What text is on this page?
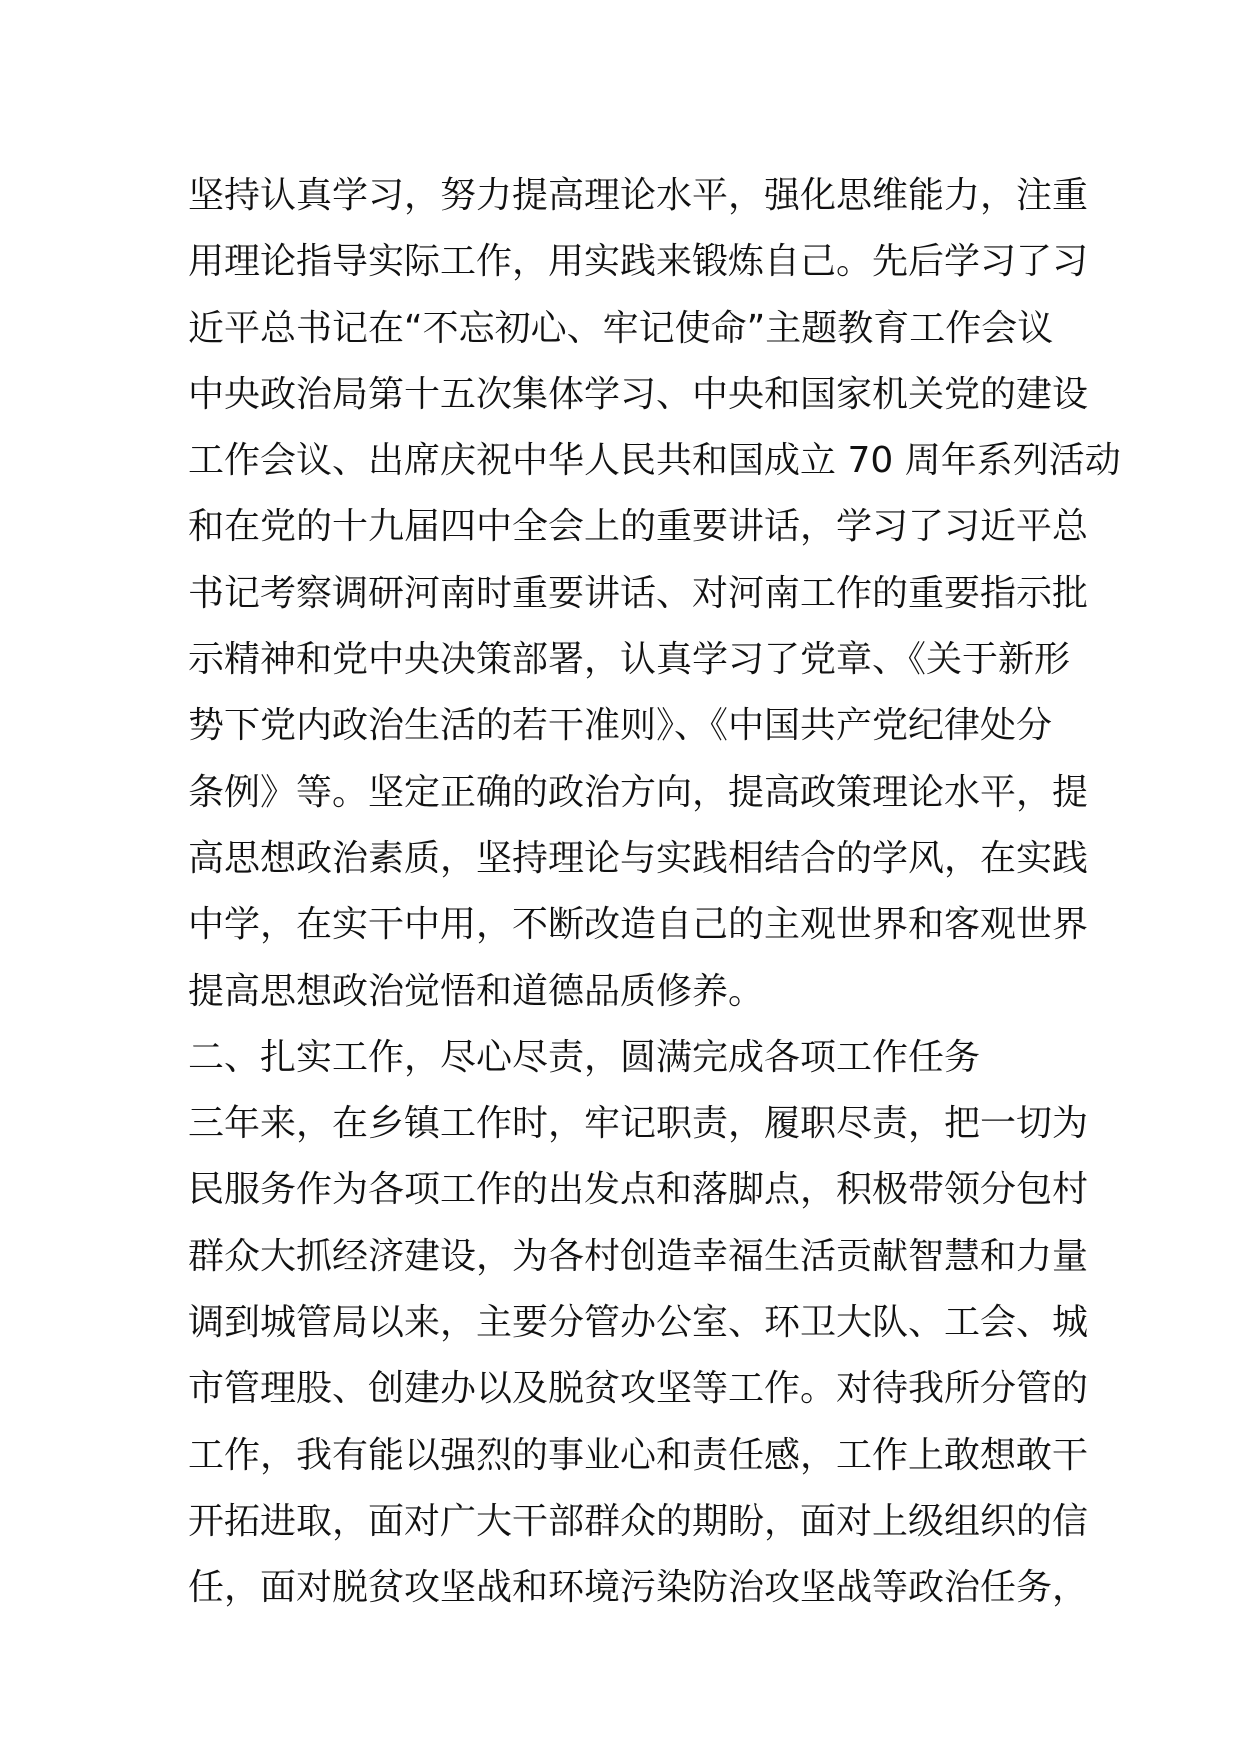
坚持认真学习，努力提高理论水平，强化思维能力，注重
用理论指导实际工作，用实践来锻炼自己。先后学习了习
近平总书记在“不忘初心、牢记使命”主题教育工作会议
中央政治局第十五次集体学习、中央和国家机关党的建设
工作会议、出席庆祝中华人民共和国成立 70 周年系列活动
和在党的十九届四中全会上的重要讲话，学习了习近平总
书记考察调研河南时重要讲话、对河南工作的重要指示批
示精神和党中央决策部署，认真学习了党章、《关于新形
势下党内政治生活的若干准则》、《中国共产党纪律处分
条例》等。坚定正确的政治方向，提高政策理论水平，提
高思想政治素质，坚持理论与实践相结合的学风，在实践
中学，在实干中用，不断改造自己的主观世界和客观世界
提高思想政治觉悟和道德品质修养。
二、扎实工作，尽心尽责，圆满完成各项工作任务
三年来，在乡镇工作时，牢记职责，履职尽责，把一切为
民服务作为各项工作的出发点和落脚点，积极带领分包村
群众大抓经济建设，为各村创造幸福生活贡献智慧和力量
调到城管局以来，主要分管办公室、环卫大队、工会、城
市管理股、创建办以及脱贫攻坚等工作。对待我所分管的
工作，我有能以强烈的事业心和责任感，工作上敢想敢干
开拓进取，面对广大干部群众的期盼，面对上级组织的信
任，面对脱贫攻坚战和环境污染防治攻坚战等政治任务，
